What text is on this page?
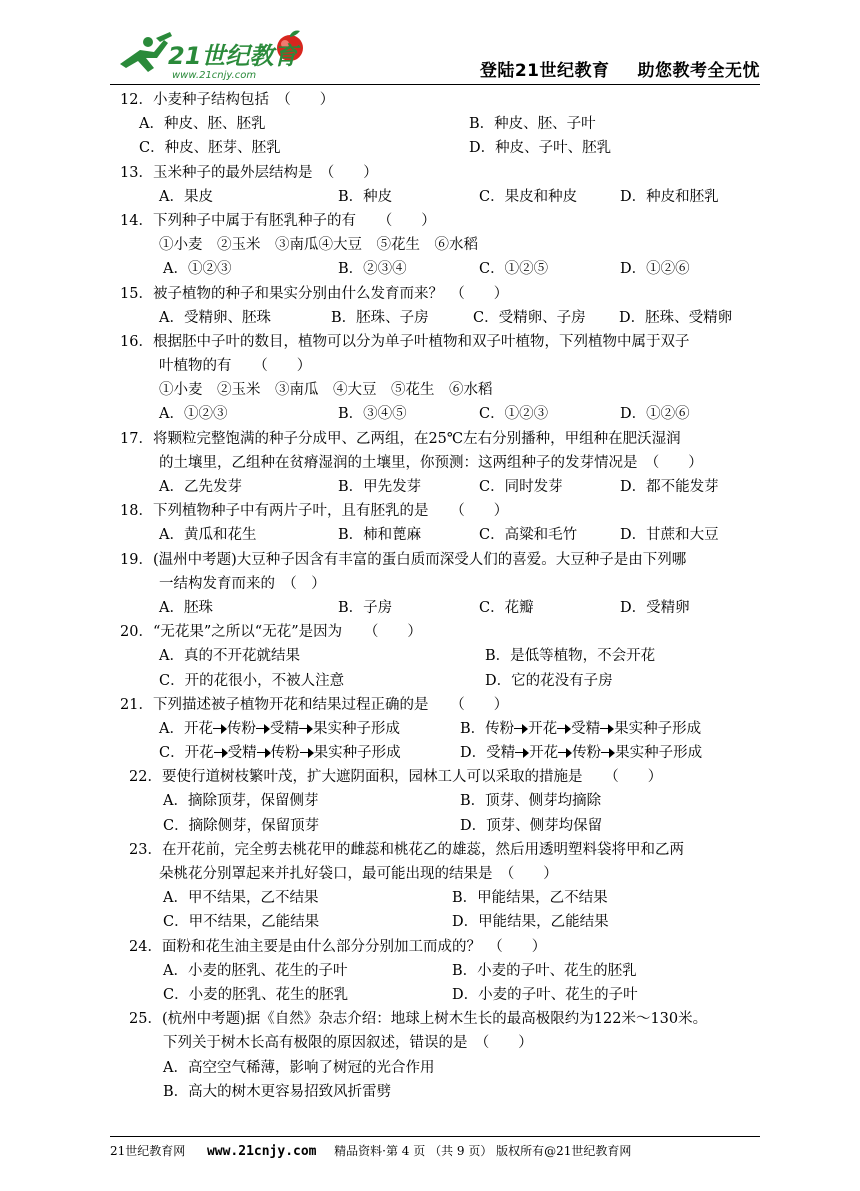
21世纪教育
www.21cnjy.com	登陆21世纪教育 助您教考全无忧
12．小麦种子结构包括　（　　）
A．种皮、胚、胚乳	B．种皮、胚、子叶
C．种皮、胚芽、胚乳	D．种皮、子叶、胚乳
13．玉米种子的最外层结构是　（　　）
A．果皮	B．种皮	C．果皮和种皮	D．种皮和胚乳
14．下列种子中属于有胚乳种子的有　　（　　）
①小麦　②玉米　③南瓜④大豆　⑤花生　⑥水稻
A．①②③	B．②③④	C．①②⑤	D．①②⑥
15．被子植物的种子和果实分别由什么发育而来？　（　　）
A．受精卵、胚珠	B．胚珠、子房	C．受精卵、子房 D．胚珠、受精卵
16．根据胚中子叶的数目，植物可以分为单子叶植物和双子叶植物，下列植物中属于双子
叶植物的有　　（　　）
①小麦　②玉米　③南瓜　④大豆　⑤花生　⑥水稻
A．①②③	B．③④⑤	C．①②③	D．①②⑥
17．将颗粒完整饱满的种子分成甲、乙两组，在25℃左右分别播种，甲组种在肥沃湿润
的土壤里，乙组种在贫瘠湿润的土壤里，你预测：这两组种子的发芽情况是　（　　）
A．乙先发芽	B．甲先发芽	C．同时发芽	D．都不能发芽
18．下列植物种子中有两片子叶，且有胚乳的是　　（　　）
A．黄瓜和花生	B．柿和蓖麻	C．高粱和毛竹	D．甘蔗和大豆
19．(温州中考题)大豆种子因含有丰富的蛋白质而深受人们的喜爱。大豆种子是由下列哪
一结构发育而来的　（　）
A．胚珠	B．子房	C．花瓣	D．受精卵
20．“无花果”之所以“无花”是因为　　（　　）
A．真的不开花就结果	B．是低等植物，不会开花
C．开的花很小，不被人注意	D．它的花没有子房
21．下列描述被子植物开花和结果过程正确的是　　（　　）
A．开花 传粉 受精 果实种子形成	B．传粉 开花 受精 果实种子形成
C．开花 受精 传粉 果实种子形成	D．受精 开花 传粉 果实种子形成
22．要使行道树枝繁叶茂，扩大遮阴面积，园林工人可以采取的措施是　　（　　）
A．摘除顶芽，保留侧芽	B．顶芽、侧芽均摘除
C．摘除侧芽，保留顶芽	D．顶芽、侧芽均保留
23．在开花前，完全剪去桃花甲的雌蕊和桃花乙的雄蕊，然后用透明塑料袋将甲和乙两
朵桃花分别罩起来并扎好袋口，最可能出现的结果是　（　　）
A．甲不结果，乙不结果	B．甲能结果，乙不结果
C．甲不结果，乙能结果	D．甲能结果，乙能结果
24．面粉和花生油主要是由什么部分分别加工而成的？　（　　）
A．小麦的胚乳、花生的子叶	B．小麦的子叶、花生的胚乳
C．小麦的胚乳、花生的胚乳	D．小麦的子叶、花生的子叶
25．(杭州中考题)据《自然》杂志介绍：地球上树木生长的最高极限约为122米～130米。
下列关于树木长高有极限的原因叙述，错误的是　（　　）
A．高空空气稀薄，影响了树冠的光合作用
B．高大的树木更容易招致风折雷劈
21世纪教育网 www.21cnjy.com 精品资料·第 4 页 （共 9 页） 版权所有@21世纪教育网
